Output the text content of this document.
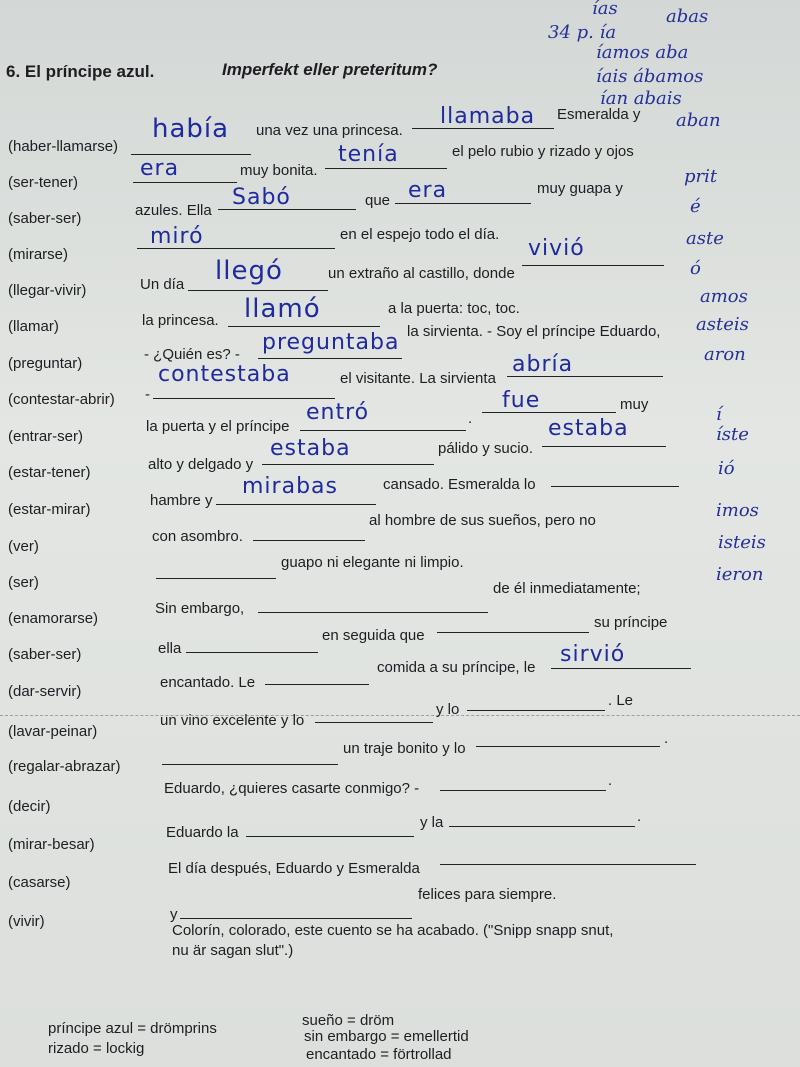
6. El príncipe azul.	Imperfekt eller preteritum?
(haber-llamarse)
había una vez una princesa.
llamaba Esmeralda y
(ser-tener)
era	muy bonita.
tenía	el pelo rubio y rizado y ojos
(saber-ser)	azules. Ella
Sabó	que era	muy guapa y
(mirarse)
miró	en el espejo todo el día.
(llegar-vivir)	Un día llegó	un extraño al castillo, donde
vivió
(llamar)	la princesa. llamó	a la puerta: toc, toc.
(preguntar)
- ¿Quién es? - preguntaba la sirvienta. - Soy el príncipe Eduardo,
(contestar-abrir) -
contestaba	el visitante. La sirvienta
abría
(entrar-ser)
la puerta y el príncipe
entró	.
fue	muy
(estar-tener)	alto y delgado y
estaba	pálido y sucio.
estaba
(estar-mirar)
hambre y
mirabas	cansado. Esmeralda lo
(ver)
con asombro.
al hombre de sus sueños, pero no
(ser)
guapo ni elegante ni limpio.
(enamorarse)
Sin embargo,
de él inmediatamente;
(saber-ser)	ella
en seguida que
su príncipe
(dar-servir)
encantado. Le
comida a su príncipe, le
sirvió
(lavar-peinar)
un vino excelente y lo
y lo
. Le
(regalar-abrazar)
un traje bonito y lo
.
(decir)
Eduardo, ¿quieres casarte conmigo? -	.
(mirar-besar)
Eduardo la
y la	.
(casarse)
El día después, Eduardo y Esmeralda
(vivir)	y
felices para siempre.
Colorín, colorado, este cuento se ha acabado. ("Snipp snapp snut,
nu är sagan slut".)
príncipe azul = drömprins
rizado = lockig
sueño = dröm
sin embargo = emellertid
encantado = förtrollad
ías
34 p. ía
abas
íamos aba
íais ábamos
ían abais
aban
prit
é
aste
ó
amos
asteis
aron
í
íste
ió
imos
isteis
ieron
